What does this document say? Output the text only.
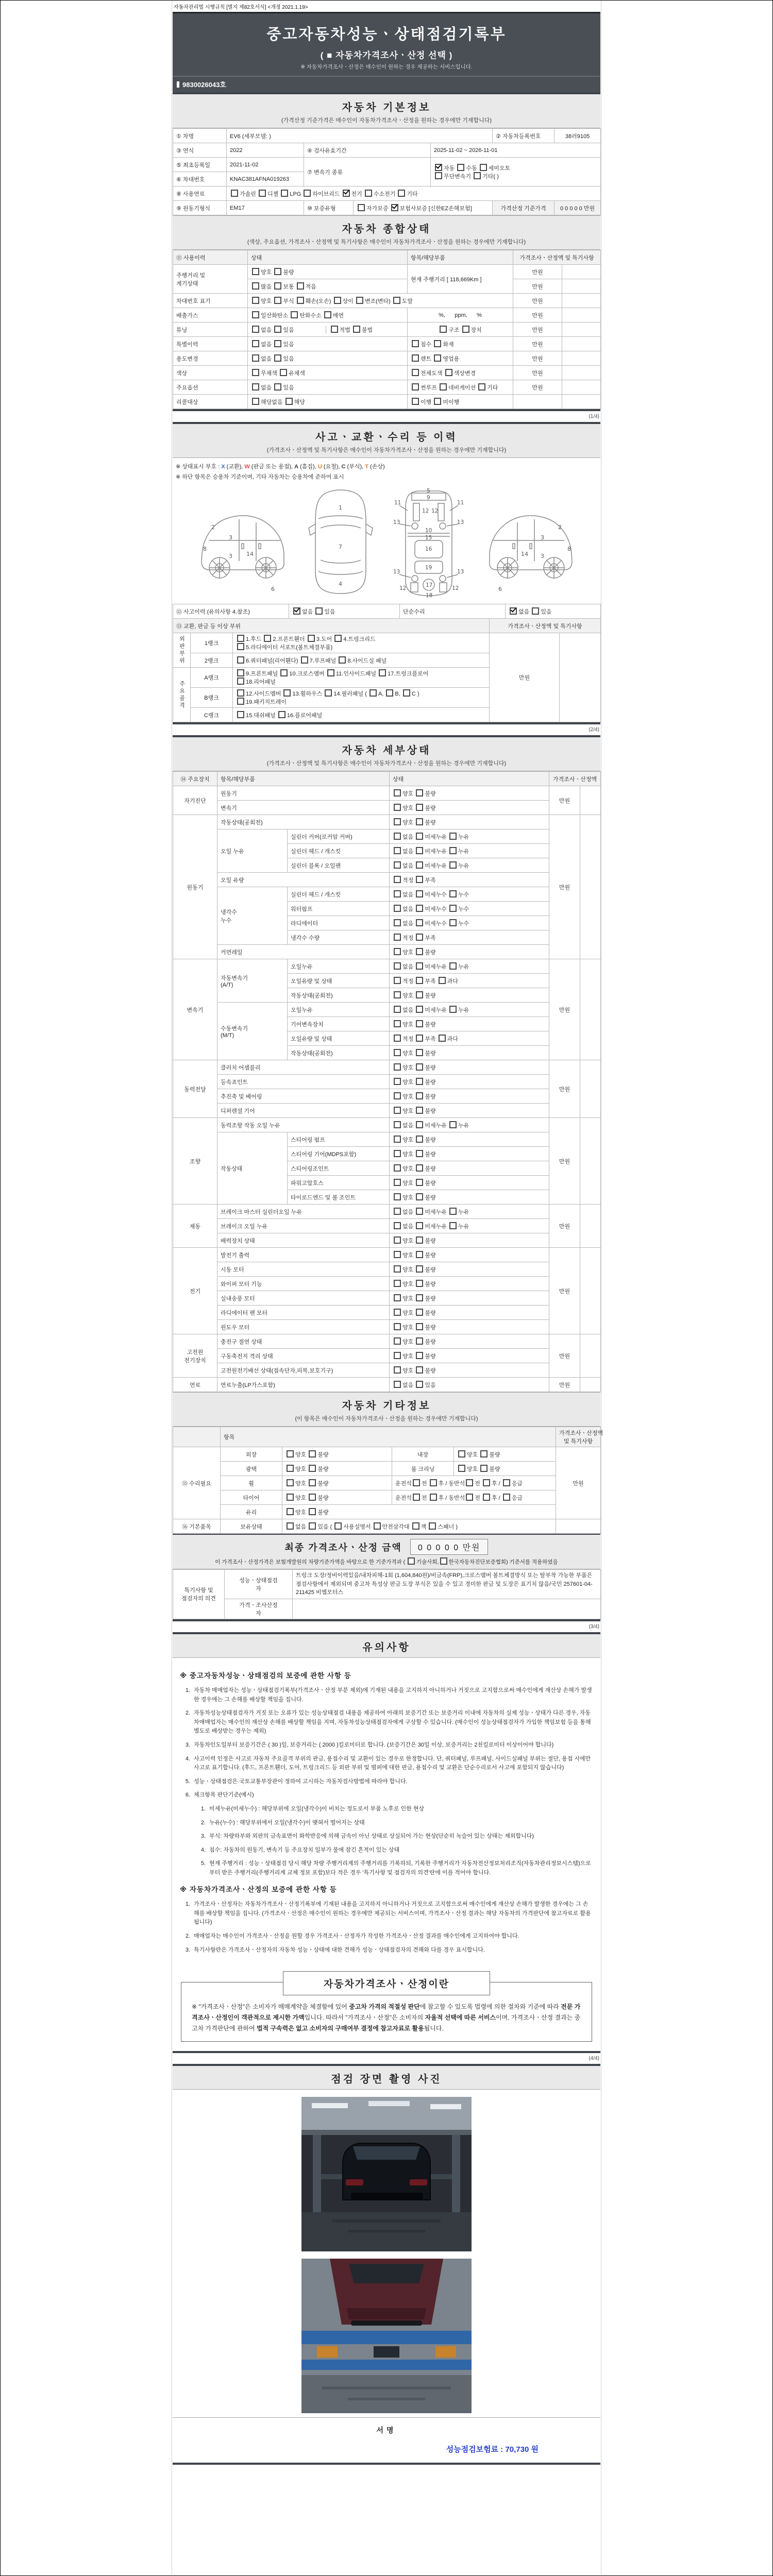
자동차관리법 시행규칙 [별지 제82호서식] <개정 2021.1.19>
중고자동차성능ㆍ상태점검기록부
( ■ 자동차가격조사ㆍ산정 선택 )
※ 자동차가격조사ㆍ산정은 매수인이 원하는 경우 제공하는 서비스입니다.
9830026043호
자동차 기본정보
(가격산정 기준가격은 매수인이 자동차가격조사ㆍ산정을 원하는 경우에만 기재합니다)
① 차명	EV6 (세부모델: )				② 자동차등록번호	38러9105
③ 연식	2022	④ 검사유효기간		2025-11-02 ~ 2026-11-01		
⑤ 최초등록일	2021-11-02	⑦ 변속기 종류		자동 수동 세미오토
무단변속기 기타( )		
⑥ 차대번호	KNAC381AFNA019263					
⑧ 사용연료	가솔린 디젤 LPG 하이브리드 전기 수소전기 기타					
⑨ 원동기형식	EM17	⑩ 보증유형	자가보증 보험사보증 [신한EZ손해보험]		가격산정 기준가격	0 0 0 0 0 만원
자동차 종합상태
(색상, 주요옵션, 가격조사ㆍ산정액 및 특기사항은 매수인이 자동차가격조사ㆍ산정을 원하는 경우에만 기재합니다)
⑪ 사용이력	상태	항목/해당부품	가격조사ㆍ산정액 및 특기사항	
주행거리 및
계기상태	양호 불량	현재 주행거리 [ 118,669Km ]	만원	
	많음 보통 적음		만원	
차대번호 표기	양호 부식 훼손(오손) 상이 변조(변타) 도말		만원	
배출가스	일산화탄소 탄화수소 매연	%,      ppm,      %	만원	
튜닝	없음 있음 적법 불법	구조 장치	만원	
특별이력	없음 있음	침수 화재	만원	
용도변경	없음 있음	렌트 영업용	만원	
색상	무채색 유채색	전체도색 색상변경	만원	
주요옵션	없음 있음	썬루프 네비게이션 기타	만원	
리콜대상	해당없음 해당	이행 미이행		
(1/4)
사고ㆍ교환ㆍ수리 등 이력
(가격조사ㆍ산정액 및 특기사항은 매수인이 자동차가격조사ㆍ산정을 원하는 경우에만 기재합니다)
※ 상태표시 부호 : X (교환), W (판금 또는 용접), A (흠집), U (요철), C (부식), T (손상)
※ 하단 항목은 승용차 기준이며, 기타 자동차는 승용차에 준하여 표시
2
8
3
3 14
6
1
7
4
5
9
11	11
12 12
13	13
10
15
16
19
13	13
12	12
17
18
2
8
3
3
14
6
⑫ 사고이력 (유의사항 4.참조)	없음 있음	단순수리	없음 있음
⑬ 교환, 판금 등 이상 부위			가격조사ㆍ산정액 및 특기사항	
외판부위	1랭크	1.후드 2.프론트휀더 3.도어 4.트렁크리드
5.라디에이터 서포트(볼트체결부품)	만원	
	2랭크	6.쿼터패널(리어휀다) 7.루프패널 8.사이드실 패널		
주요골격	A랭크	9.프론트패널 10.크로스멤버 11.인사이드패널 17.트렁크플로어
18.리어패널		
	B랭크	12.사이드멤버 13.휠하우스 14.필러패널 ( A, B, C )
19.패키지트레이		
	C랭크	15.대쉬패널 16.플로어패널		
(2/4)
자동차 세부상태
(가격조사ㆍ산정액 및 특기사항은 매수인이 자동차가격조사ㆍ산정을 원하는 경우에만 기재합니다)
⑭ 주요장치	항목/해당부품		상태	가격조사ㆍ산정액	
자기진단	원동기		양호 불량	만원	
	변속기		양호 불량		
원동기	작동상태(공회전)		양호 불량	만원	
	오일 누유	실린더 커버(로커암 커버)	없음 미세누유 누유		
		실린더 헤드 / 개스킷	없음 미세누유 누유		
		실린더 블록 / 오일팬	없음 미세누유 누유		
	오일 유량		적정 부족		
	냉각수
누수	실린더 헤드 / 개스킷	없음 미세누수 누수		
		워터펌프	없음 미세누수 누수		
		라디에이터	없음 미세누수 누수		
		냉각수 수량	적정 부족		
	커먼레일		양호 불량		
변속기	자동변속기
(A/T)	오일누유	없음 미세누유 누유	만원	
		오일유량 및 상태	적정 부족 과다		
		작동상태(공회전)	양호 불량		
	수동변속기
(M/T)	오일누유	없음 미세누유 누유		
		기어변속장치	양호 불량		
		오일유량 및 상태	적정 부족 과다		
		작동상태(공회전)	양호 불량		
동력전달	클러치 어셈블리		양호 불량	만원	
	등속죠인트		양호 불량		
	추진축 및 베어링		양호 불량		
	디퍼렌셜 기어		양호 불량		
조향	동력조향 작동 오일 누유		없음 미세누유 누유	만원	
	작동상태	스티어링 펌프	양호 불량		
		스티어링 기어(MDPS포함)	양호 불량		
		스티어링조인트	양호 불량		
		파워고압호스	양호 불량		
		타이로드엔드 및 볼 조인트	양호 불량		
제동	브레이크 마스터 실린더오일 누유		없음 미세누유 누유	만원	
	브레이크 오일 누유		없음 미세누유 누유		
	배력장치 상태		양호 불량		
전기	발전기 출력		양호 불량	만원	
	시동 모터		양호 불량		
	와이퍼 모터 기능		양호 불량		
	실내송풍 모터		양호 불량		
	라디에이터 팬 모터		양호 불량		
	윈도우 모터		양호 불량		
고전원
전기장치	충전구 절연 상태		양호 불량	만원	
	구동축전지 격리 상태		양호 불량		
	고전원전기배선 상태(접속단자,피복,보호기구)		양호 불량		
연료	연료누출(LP가스포함)		없음 있음	만원	
자동차 기타정보
(이 항목은 매수인이 자동차가격조사ㆍ산정을 원하는 경우에만 기재합니다)
	항목				가격조사ㆍ산정액 및 특기사항
⑮ 수리필요	외장	양호 불량	내장	양호 불량	만원
	광택	양호 불량	룸 크리닝	양호 불량	
	휠	양호 불량	운전석 전 후 / 동반석 전 후 / 응급		
	타이어	양호 불량	운전석 전 후 / 동반석 전 후 / 응급		
	유리	양호 불량			
⑯ 기본품목	보유상태	없음 있음 ( 사용설명서 안전삼각대 잭 스패너 )			
최종 가격조사ㆍ산정 금액	0 0 0 0 0 만원
이 가격조사ㆍ산정가격은 보험개발원의 차량기준가액을 바탕으로 한 기준가격과 ( 기술사회, 한국자동차진단보증협회) 기준서를 적용하였음
특기사항 및
점검자의 의견	성능ㆍ상태점검
자	트렁크 도장/정비이력있음/내차피해-1회 (1,604,840원)/비금속(FRP),크로스멤버 볼트체결방식 또는 탈부착 가능한 부품은 점검사항에서 제외되며 중고차 특성상 판금 도장 부식은 있을 수 있고 경미한 판금 및 도장은 표기치 않음/국민 257601-04-211425 비엠모터스
	가격ㆍ조사산정
자	
(3/4)
유의사항
※ 중고자동차성능ㆍ상태점검의 보증에 관한 사항 등
1. 자동차 매매업자는 성능ㆍ상태점검기록부(가격조사ㆍ산정 부분 제외)에 기재된 내용을 고지하지 아니하거나 거짓으로 고지함으로써 매수인에게 재산상 손해가 발생한 경우에는 그 손해를 배상할 책임을 집니다.
2. 자동차성능상태점검자가 거짓 또는 오류가 있는 성능상태점검 내용을 제공하여 아래의 보증기간 또는 보증거리 이내에 자동차의 실제 성능ㆍ상태가 다른 경우, 자동차매매업자는 매수인의 재산상 손해를 배상할 책임을 지며, 자동차성능상태점검자에게 구상할 수 있습니다. (매수인이 성능상태점검자가 가입한 책임보험 등을 통해 별도로 배상받는 경우는 제외)
3. 자동차인도일부터 보증기간은 ( 30 )일, 보증거리는 ( 2000 )킬로미터로 합니다. (보증기간은 30일 이상, 보증거리는 2천킬로미터 이상이어야 합니다)
4. 사고이력 인정은 사고로 자동차 주요골격 부위의 판금, 용접수리 및 교환이 있는 경우로 한정합니다. 단, 쿼터패널, 루프패널, 사이드실패널 부위는 절단, 용접 시에만 사고로 표기합니다. (후드, 프론트휀더, 도어, 트렁크리드 등 외판 부위 및 범퍼에 대한 판금, 용접수리 및 교환은 단순수리로서 사고에 포함되지 않습니다)
5. 성능ㆍ상태점검은 국토교통부장관이 정하여 고시하는 자동차검사방법에 따라야 합니다.
6. 체크항목 판단기준(예시)
1. 미세누유(미세누수) : 해당부위에 오일(냉각수)이 비치는 정도로서 부품 노후로 인한 현상
2. 누유(누수) : 해당부위에서 오일(냉각수)이 맺혀서 떨어지는 상태
3. 부식: 차량하부와 외판의 금속표면이 화학반응에 의해 금속이 아닌 상태로 상실되어 가는 현상(단순히 녹슬어 있는 상태는 제외합니다)
4. 침수: 자동차의 원동기, 변속기 등 주요장치 일부가 물에 잠긴 흔적이 있는 상태
5. 현재 주행거리 : 성능ㆍ상태점검 당시 해당 차량 주행거리계의 주행거리를 기록하되, 기록한 주행거리가 자동차전산정보처리조직(자동차관리정보시스템)으로부터 받은 주행거리(주행거리계 교체 정보 포함)보다 적은 경우 '특기사항 및 점검자의 의견'란에 이를 적어야 합니다.
※ 자동차가격조사ㆍ산정의 보증에 관한 사항 등
1. 가격조사ㆍ산정자는 자동차가격조사ㆍ산정기록부에 기재된 내용을 고지하지 아니하거나 거짓으로 고지함으로써 매수인에게 재산상 손해가 발생한 경우에는 그 손해를 배상할 책임을 집니다. (가격조사ㆍ산정은 매수인이 원하는 경우에만 제공되는 서비스이며, 가격조사ㆍ산정 결과는 해당 자동차의 가격판단에 참고자료로 활용됩니다)
2. 매매업자는 매수인이 가격조사ㆍ산정을 원할 경우 가격조사ㆍ산정자가 작성한 가격조사ㆍ산정 결과를 매수인에게 고지하여야 합니다.
3. 특기사항란은 가격조사ㆍ산정자의 자동차 성능ㆍ상태에 대한 견해가 성능ㆍ상태점검자의 견해와 다를 경우 표시합니다.
자동차가격조사ㆍ산정이란
※ "가격조사ㆍ산정"은 소비자가 매매계약을 체결함에 있어 중고차 가격의 적절성 판단에 참고할 수 있도록 법령에 의한 절차와 기준에 따라 전문 가격조사ㆍ산정인이 객관적으로 제시한 가액입니다. 따라서 "가격조사ㆍ산정"은 소비자의 자율적 선택에 따른 서비스이며, 가격조사ㆍ산정 결과는 중고차 가격판단에 관하여 법적 구속력은 없고 소비자의 구매여부 결정에 참고자료로 활용됩니다.
(4/4)
점검 장면 촬영 사진
서명
성능점검보험료 : 70,730 원
